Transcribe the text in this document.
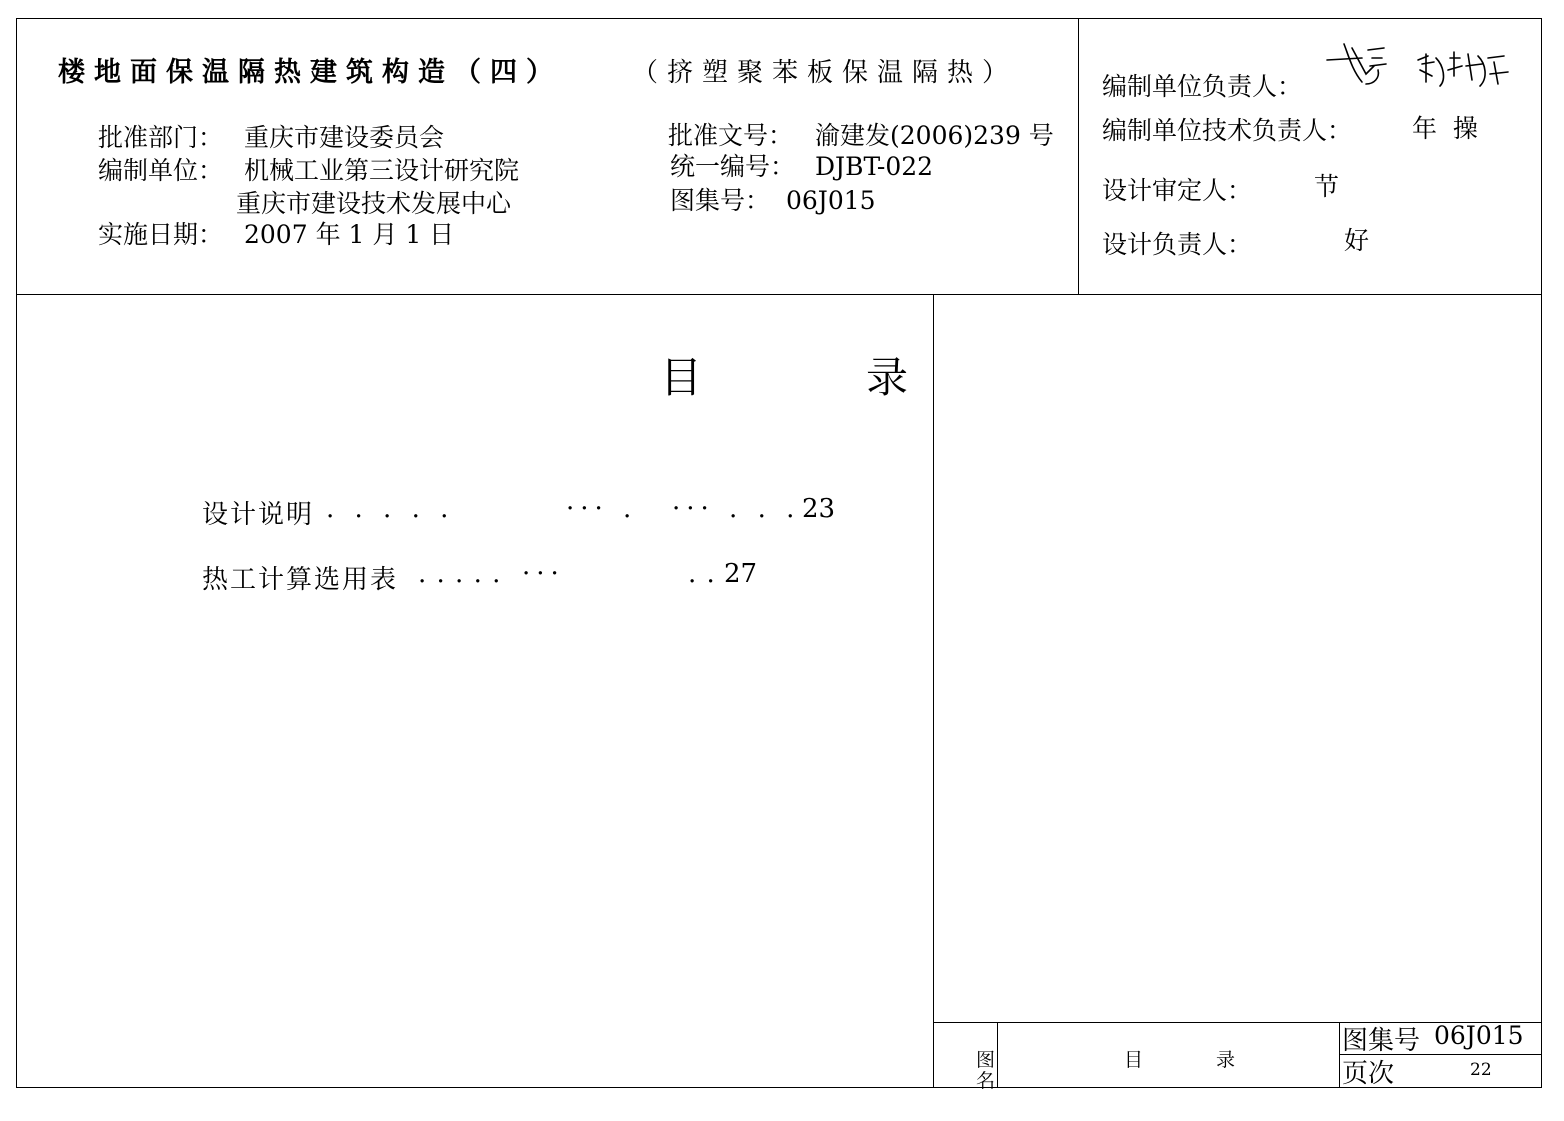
楼地面保温隔热建筑构造（四）	（挤塑聚苯板保温隔热）
批准部门： 重庆市建设委员会
编制单位： 机械工业第三设计研究院
重庆市建设技术发展中心
实施日期： 2007 年 1 月 1 日
批准文号： 渝建发(2006)239 号
统一编号： DJBT-022
图集号： 06J015
编制单位负责人：
编制单位技术负责人： 年  操
设计审定人： 节
设计负责人：	好
目	录
设计说明 . . . . .	··· . ··· . . . 23
热工计算选用表 . . . . . ···	. . 27
图
名
目	录
图集号 06J015
页次	22
